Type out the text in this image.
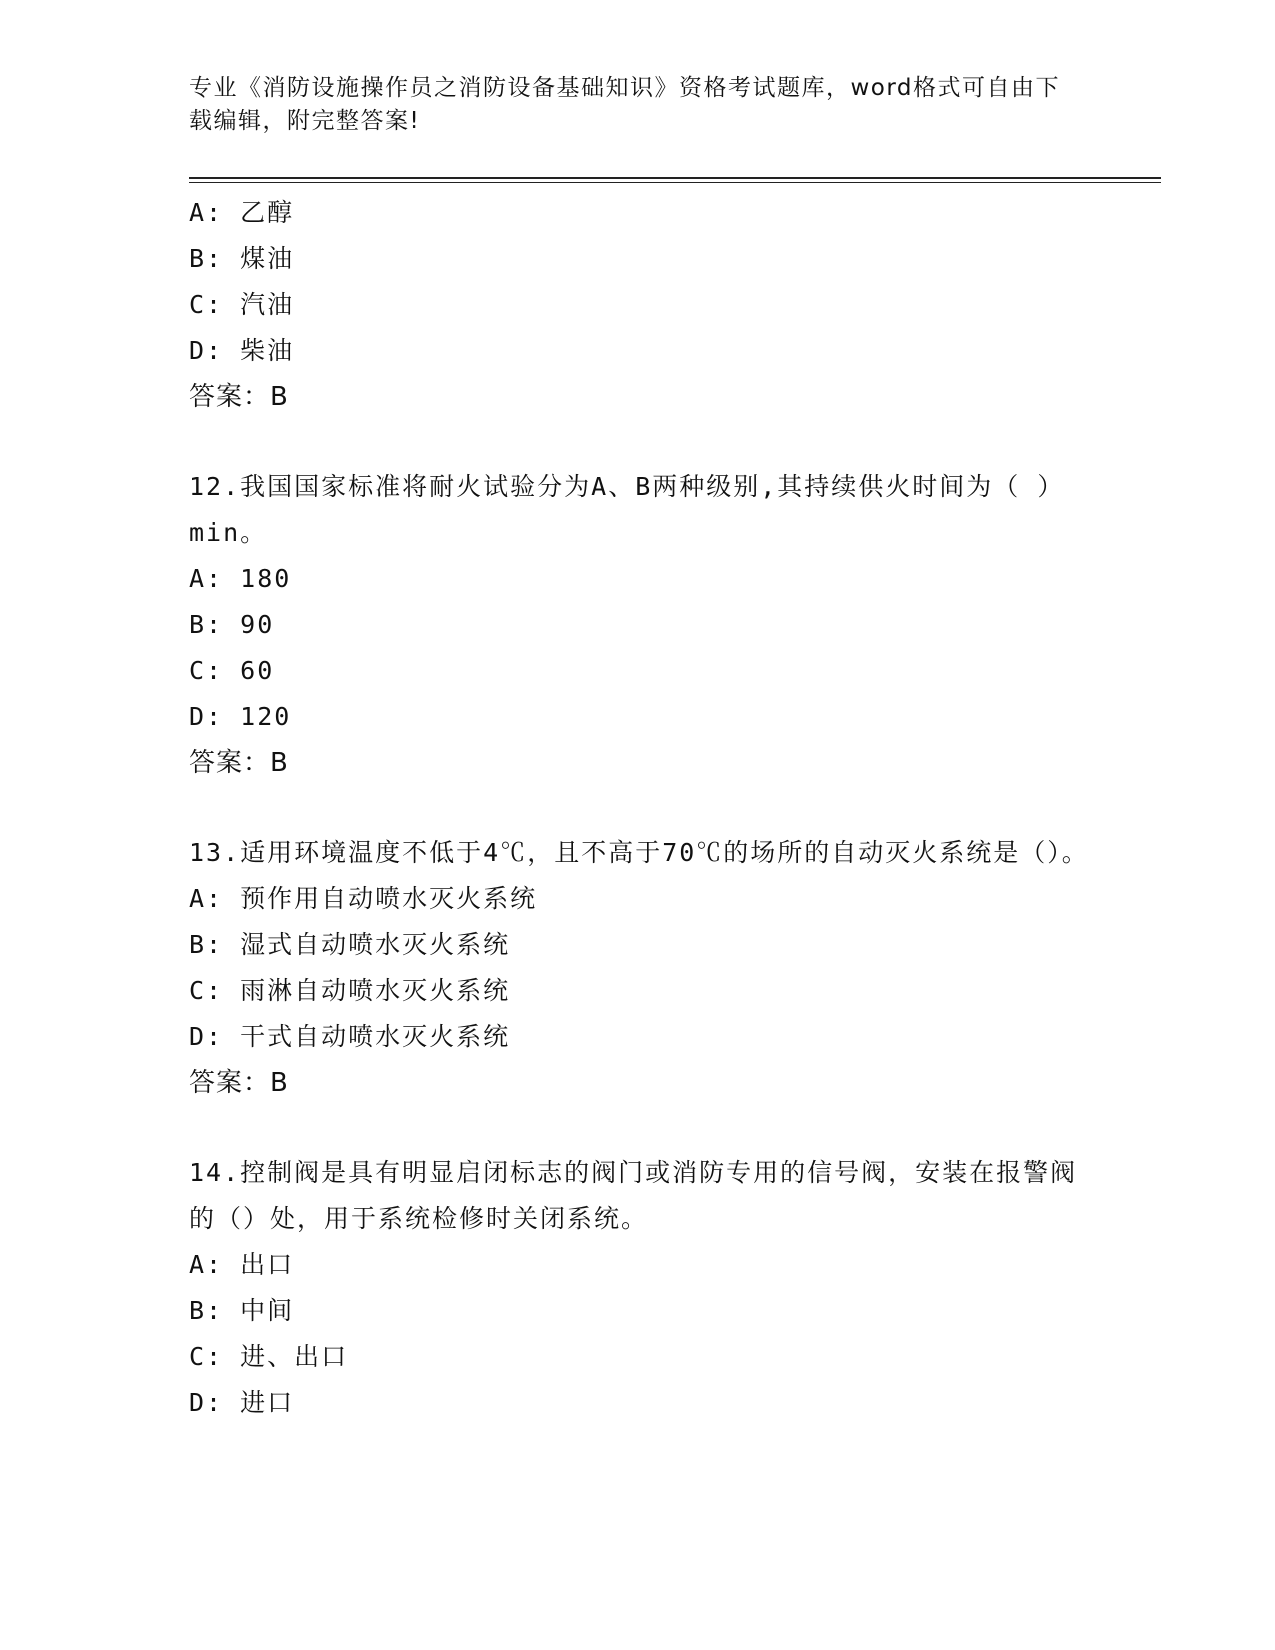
专业《消防设施操作员之消防设备基础知识》资格考试题库，word格式可自由下载编辑，附完整答案!
A: 乙醇
B: 煤油
C: 汽油
D: 柴油
答案：B
12.我国国家标准将耐火试验分为A、B两种级别,其持续供火时间为（ ）min。
A: 180
B: 90
C: 60
D: 120
答案：B
13.适用环境温度不低于4℃，且不高于70℃的场所的自动灭火系统是（）。
A: 预作用自动喷水灭火系统
B: 湿式自动喷水灭火系统
C: 雨淋自动喷水灭火系统
D: 干式自动喷水灭火系统
答案：B
14.控制阀是具有明显启闭标志的阀门或消防专用的信号阀，安装在报警阀的（）处，用于系统检修时关闭系统。
A: 出口
B: 中间
C: 进、出口
D: 进口
